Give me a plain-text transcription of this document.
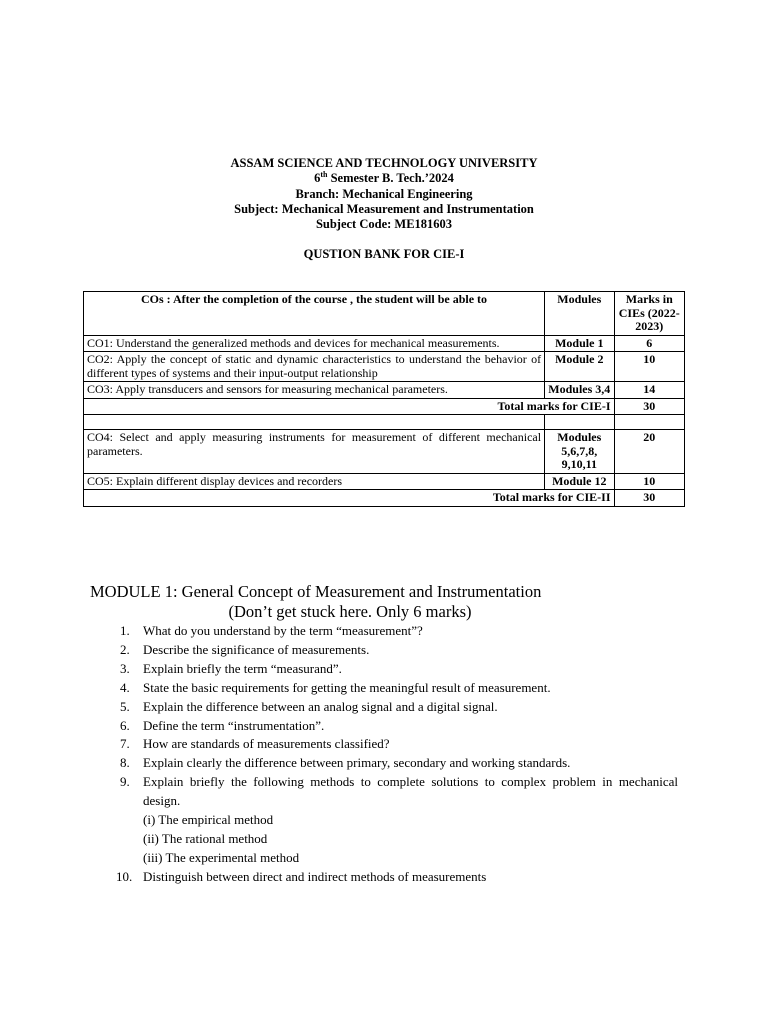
ASSAM SCIENCE AND TECHNOLOGY UNIVERSITY
6th Semester B. Tech.’2024
Branch: Mechanical Engineering
Subject: Mechanical Measurement and Instrumentation
Subject Code: ME181603
QUSTION BANK FOR CIE-I
COs : After the completion of the course , the student will be able to	Modules	Marks in CIEs (2022-2023)
CO1: Understand the generalized methods and devices for mechanical measurements.	Module 1	6
CO2: Apply the concept of static and dynamic characteristics to understand the behavior of different types of systems and their input-output relationship	Module 2	10
CO3: Apply transducers and sensors for measuring mechanical parameters.	Modules 3,4	14
Total marks for CIE-I		30

CO4: Select and apply measuring instruments for measurement of different mechanical parameters.	Modules 5,6,7,8, 9,10,11	20
CO5: Explain different display devices and recorders	Module 12	10
Total marks for CIE-II		30
MODULE 1: General Concept of Measurement and Instrumentation
(Don’t get stuck here. Only 6 marks)
1. What do you understand by the term “measurement”?
2. Describe the significance of measurements.
3. Explain briefly the term “measurand”.
4. State the basic requirements for getting the meaningful result of measurement.
5. Explain the difference between an analog signal and a digital signal.
6. Define the term “instrumentation”.
7. How are standards of measurements classified?
8. Explain clearly the difference between primary, secondary and working standards.
9. Explain briefly the following methods to complete solutions to complex problem in mechanical design.
(i) The empirical method
(ii) The rational method
(iii) The experimental method
10. Distinguish between direct and indirect methods of measurements
